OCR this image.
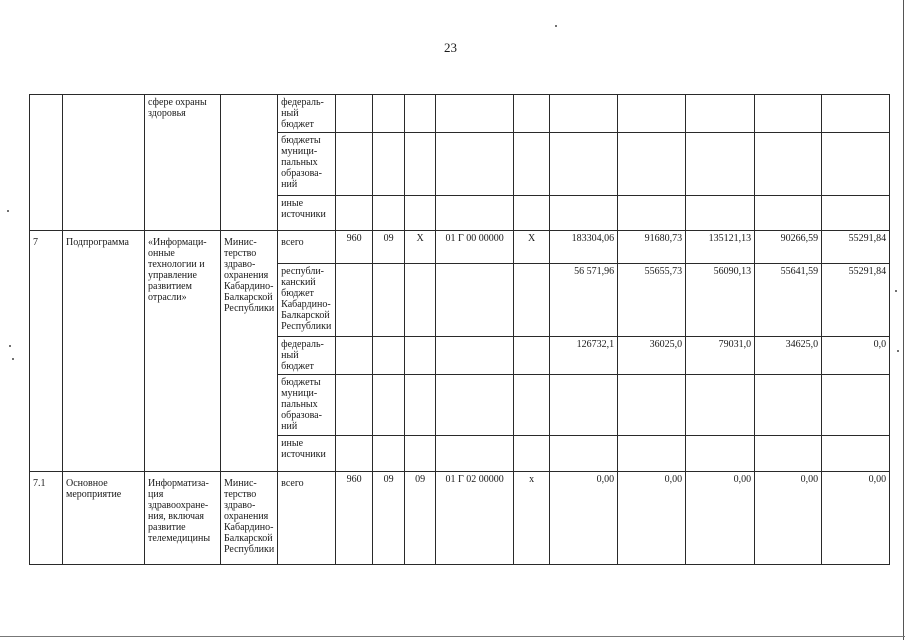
23
		сфере охраны здоровья		федераль-ный бюджет										
				бюджеты муници-пальных образова-ний										
				иные источники										
7	Подпрограмма	«Информаци-онные технологии и управление развитием отрасли»	Минис-терство здраво-охранения Кабардино-Балкарской Республики	всего	960	09	Х	01 Г 00 00000	Х	183304,06	91680,73	135121,13	90266,59	55291,84
				республи-канский бюджет Кабардино-Балкарской Республики						56 571,96	55655,73	56090,13	55641,59	55291,84
				федераль-ный бюджет						126732,1	36025,0	79031,0	34625,0	0,0
				бюджеты муници-пальных образова-ний										
				иные источники										
7.1	Основное мероприятие	Информатиза-ция здравоохране-ния, включая развитие телемедицины	Минис-терство здраво-охранения Кабардино-Балкарской Республики	всего	960	09	09	01 Г 02 00000	х	0,00	0,00	0,00	0,00	0,00
